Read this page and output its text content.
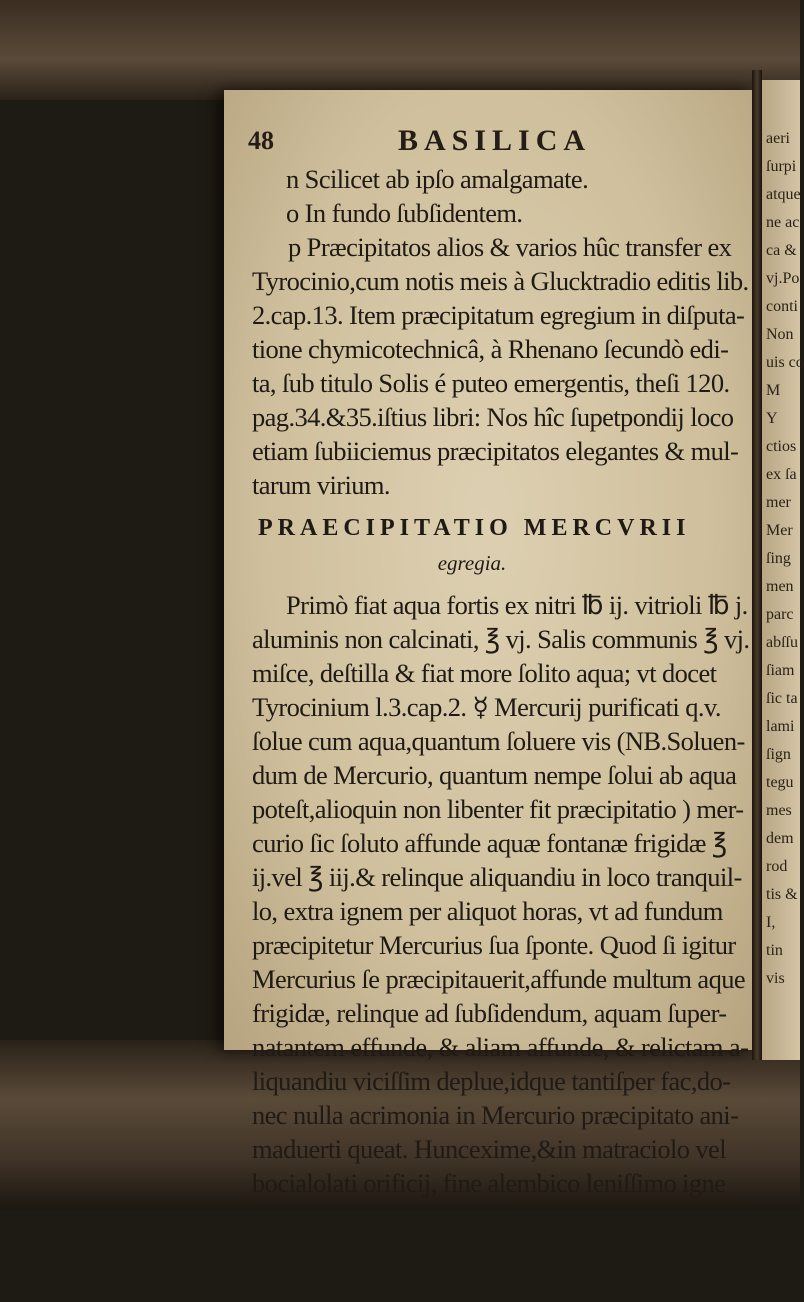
aeri
ſurpi
atque
ne ac
ca &
vj.Po
conti
Non
uis co
M
Y
ctios
ex ſa
mer
Mer
ſing
men
parc
abſſu
ſiam
ſic ta
lami
ſign
tegu
mes
dem
rod
tis &
I,
tin
vis
48	BASILICA
n Scilicet ab ipſo amalgamate.
o In fundo ſubſidentem.
p Præcipitatos alios & varios hûc transfer ex
Tyrocinio,cum notis meis à Glucktradio editis lib.
2.cap.13. Item præcipitatum egregium in diſputa-
tione chymicotechnicâ, à Rhenano ſecundò edi-
ta, ſub titulo Solis é puteo emergentis, theſi 120.
pag.34.&35.iſtius libri: Nos hîc ſupetpondij loco
etiam ſubiiciemus præcipitatos elegantes & mul-
tarum virium.
PRAECIPITATIO MERCVRII
egregia.
Primò fiat aqua fortis ex nitri ℔ ij. vitrioli ℔ j.
aluminis non calcinati, ℥ vj. Salis communis ℥ vj.
miſce, deſtilla & fiat more ſolito aqua; vt docet
Tyrocinium l.3.cap.2. ☿ Mercurij purificati q.v.
ſolue cum aqua,quantum ſoluere vis (NB.Soluen-
dum de Mercurio, quantum nempe ſolui ab aqua
poteſt,alioquin non libenter fit præcipitatio ) mer-
curio ſic ſoluto affunde aquæ fontanæ frigidæ ℥
ij.vel ℥ iij.& relinque aliquandiu in loco tranquil-
lo, extra ignem per aliquot horas, vt ad fundum
præcipitetur Mercurius ſua ſponte. Quod ſi igitur
Mercurius ſe præcipitauerit,affunde multum aque
frigidæ, relinque ad ſubſidendum, aquam ſuper-
natantem effunde, & aliam affunde, & relictam a-
liquandiu viciſſim deplue,idque tantiſper fac,do-
nec nulla acrimonia in Mercurio præcipitato ani-
maduerti queat. Huncexime,&in matraciolo vel
bocialolati orificij, fine alembico leniſſimo igne
digere, vſque ad ſiccitatem. Puluerem exſiccatum
exime, & ad partem vnam huius præcipitati adde
aceti
